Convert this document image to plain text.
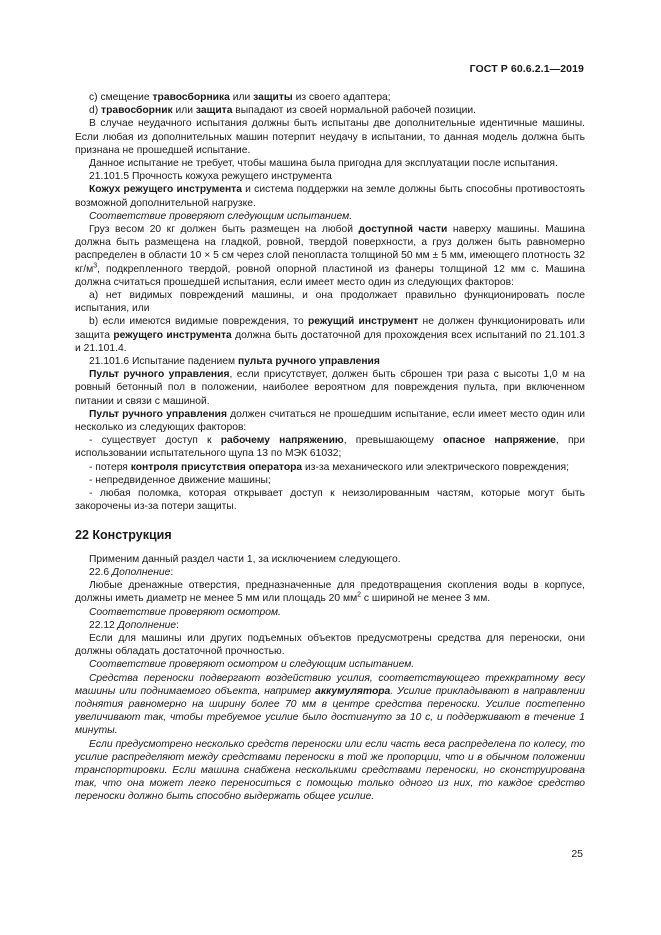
ГОСТ Р 60.6.2.1—2019

c) смещение травосборника или защиты из своего адаптера;

d) травосборник или защита выпадают из своей нормальной рабочей позиции.

В случае неудачного испытания должны быть испытаны две дополнительные идентичные машины. Если любая из дополнительных машин потерпит неудачу в испытании, то данная модель должна быть признана не прошедшей испытание.

Данное испытание не требует, чтобы машина была пригодна для эксплуатации после испытания.

21.101.5 Прочность кожуха режущего инструмента

Кожух режущего инструмента и система поддержки на земле должны быть способны противостоять возможной дополнительной нагрузке.

Соответствие проверяют следующим испытанием.

Груз весом 20 кг должен быть размещен на любой доступной части наверху машины. Машина должна быть размещена на гладкой, ровной, твердой поверхности, а груз должен быть равномерно распределен в области 10 × 5 см через слой пенопласта толщиной 50 мм ± 5 мм, имеющего плотность 32 $кг/м^3$, подкрепленного твердой, ровной опорной пластиной из фанеры толщиной 12 мм с. Машина должна считаться прошедшей испытания, если имеет место один из следующих факторов:

a) нет видимых повреждений машины, и она продолжает правильно функционировать после испытания, или

b) если имеются видимые повреждения, то режущий инструмент не должен функционировать или защита режущего инструмента должна быть достаточной для прохождения всех испытаний по 21.101.3 и 21.101.4.

21.101.6 Испытание падением пульта ручного управления

Пульт ручного управления, если присутствует, должен быть сброшен три раза с высоты 1,0 м на ровный бетонный пол в положении, наиболее вероятном для повреждения пульта, при включенном питании и связи с машиной.

Пульт ручного управления должен считаться не прошедшим испытание, если имеет место один или несколько из следующих факторов:

- существует доступ к рабочему напряжению, превышающему опасное напряжение, при использовании испытательного щупа 13 по МЭК 61032;

- потеря контроля присутствия оператора из-за механического или электрического повреждения;

- непредвиденное движение машины;

- любая поломка, которая открывает доступ к неизолированным частям, которые могут быть закорочены из-за потери защиты.

22 Конструкция

Применим данный раздел части 1, за исключением следующего.

22.6 Дополнение:

Любые дренажные отверстия, предназначенные для предотвращения скопления воды в корпусе, должны иметь диаметр не менее 5 мм или площадь 20 $мм^2$ с шириной не менее 3 мм.

Соответствие проверяют осмотром.

22.12 Дополнение:

Если для машины или других подъемных объектов предусмотрены средства для переноски, они должны обладать достаточной прочностью.

Соответствие проверяют осмотром и следующим испытанием.

Средства переноски подвергают воздействию усилия, соответствующего трехкратному весу машины или поднимаемого объекта, например аккумулятора. Усилие прикладывают в направлении поднятия равномерно на ширину более 70 мм в центре средства переноски. Усилие постепенно увеличивают так, чтобы требуемое усилие было достигнуто за 10 с, и поддерживают в течение 1 минуты.

Если предусмотрено несколько средств переноски или если часть веса распределена по колесу, то усилие распределяют между средствами переноски в той же пропорции, что и в обычном положении транспортировки. Если машина снабжена несколькими средствами переноски, но сконструирована так, что она может легко переноситься с помощью только одного из них, то каждое средство переноски должно быть способно выдержать общее усилие.

25
